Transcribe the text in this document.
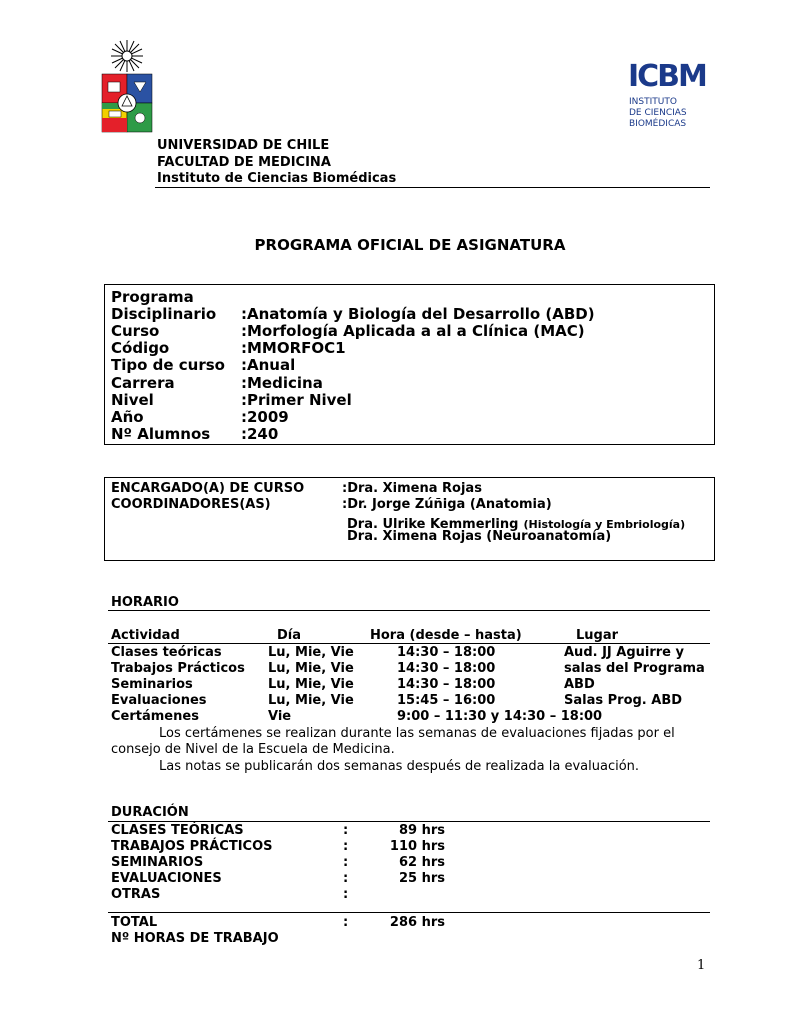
ICBM
INSTITUTO
DE CIENCIAS
BIOMÉDICAS
UNIVERSIDAD DE CHILE
FACULTAD DE MEDICINA
Instituto de Ciencias Biomédicas
PROGRAMA OFICIAL DE ASIGNATURA
Programa
Disciplinario :Anatomía y Biología del Desarrollo (ABD)
Curso	:Morfología Aplicada a al a Clínica (MAC)
Código	:MMORFOC1
Tipo de curso :Anual
Carrera	:Medicina
Nivel	:Primer Nivel
Año	:2009
Nº Alumnos :240
ENCARGADO(A) DE CURSO	:Dra. Ximena Rojas
COORDINADORES(AS)	:Dr. Jorge Zúñiga (Anatomia)
Dra. Ulrike Kemmerling (Histología y Embriología)
Dra. Ximena Rojas (Neuroanatomía)
HORARIO
Actividad	Día	Hora (desde – hasta)	Lugar
Clases teóricas	Lu, Mie, Vie	14:30 – 18:00	Aud. JJ Aguirre y
Trabajos Prácticos Lu, Mie, Vie	14:30 – 18:00	salas del Programa
Seminarios	Lu, Mie, Vie	14:30 – 18:00	ABD
Evaluaciones	Lu, Mie, Vie	15:45 – 16:00	Salas Prog. ABD
Certámenes	Vie	9:00 – 11:30 y 14:30 – 18:00
Los certámenes se realizan durante las semanas de evaluaciones fijadas por el
consejo de Nivel de la Escuela de Medicina.
Las notas se publicarán dos semanas después de realizada la evaluación.
DURACIÓN
CLASES TEÓRICAS	:	89 hrs
TRABAJOS PRÁCTICOS	:	110 hrs
SEMINARIOS	:	62 hrs
EVALUACIONES	:	25 hrs
OTRAS	:
TOTAL	:	286 hrs
Nº HORAS DE TRABAJO
1
